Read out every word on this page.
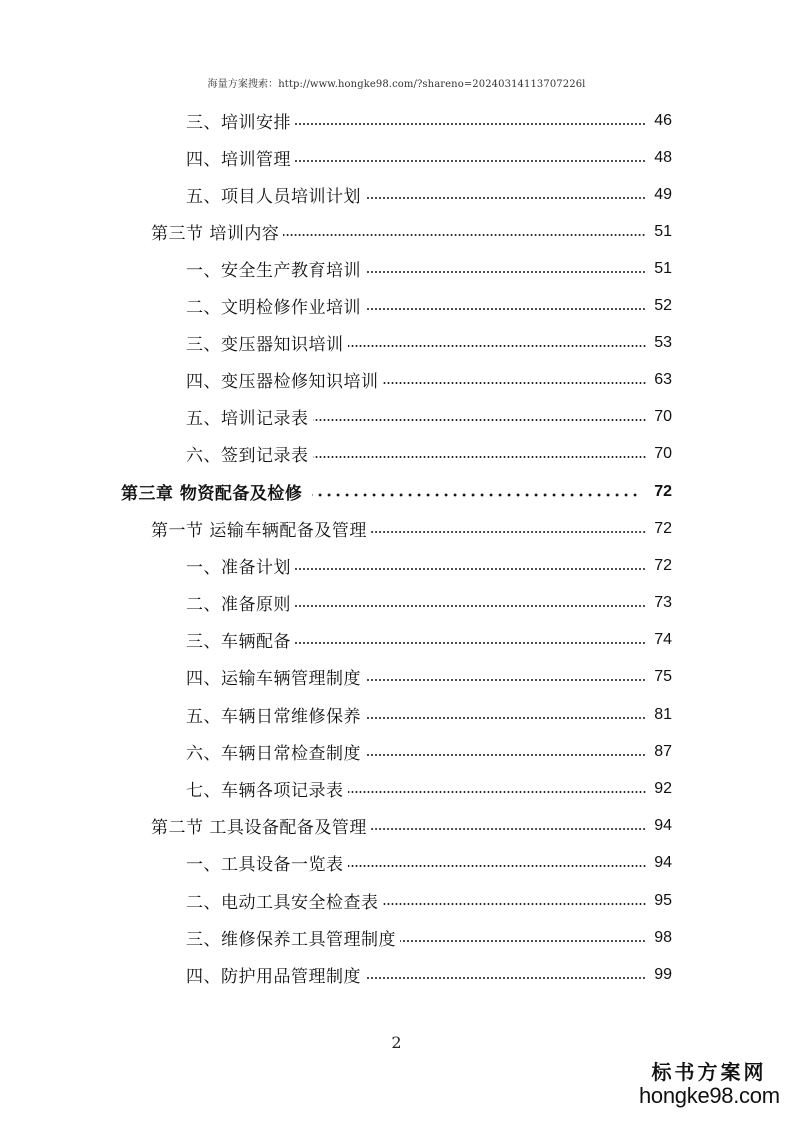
海量方案搜索：http://www.hongke98.com/?shareno=20240314113707226l
三、培训安排	46
四、培训管理	48
五、项目人员培训计划	49
第三节 培训内容	51
一、安全生产教育培训	51
二、文明检修作业培训	52
三、变压器知识培训	53
四、变压器检修知识培训	63
五、培训记录表	70
六、签到记录表	70
第三章 物资配备及检修	72
第一节 运输车辆配备及管理	72
一、准备计划	72
二、准备原则	73
三、车辆配备	74
四、运输车辆管理制度	75
五、车辆日常维修保养	81
六、车辆日常检查制度	87
七、车辆各项记录表	92
第二节 工具设备配备及管理	94
一、工具设备一览表	94
二、电动工具安全检查表	95
三、维修保养工具管理制度	98
四、防护用品管理制度	99
2
标书方案网
hongke98.com
